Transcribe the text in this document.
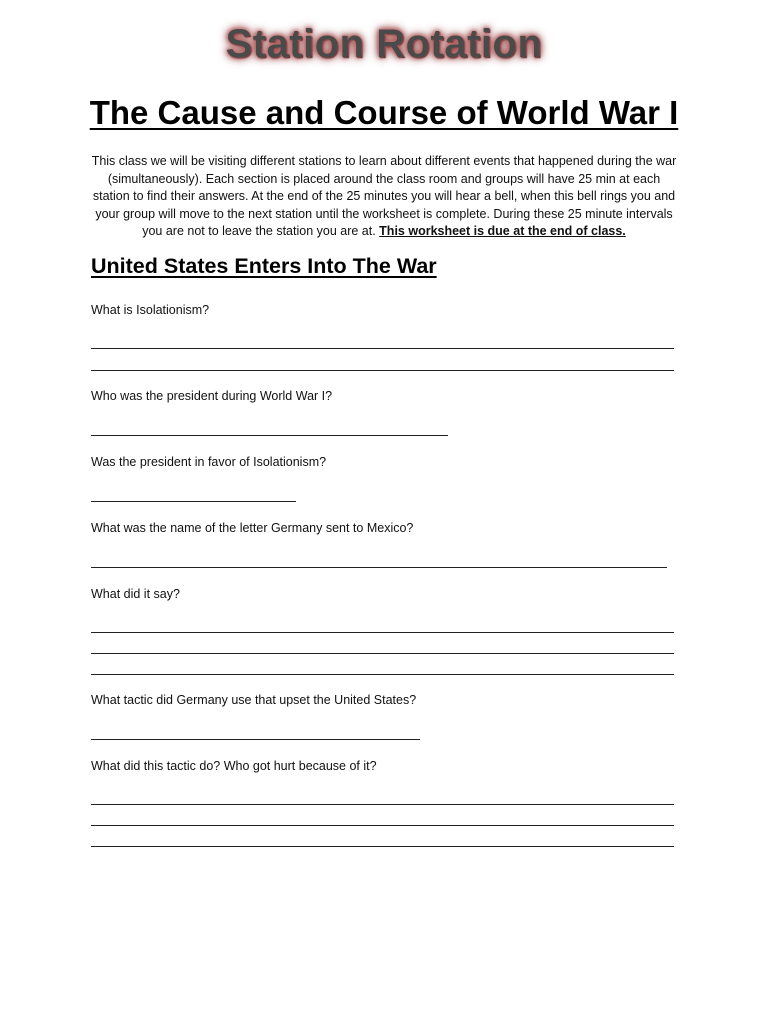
Station Rotation
The Cause and Course of World War I
This class we will be visiting different stations to learn about different events that happened during the war (simultaneously). Each section is placed around the class room and groups will have 25 min at each station to find their answers. At the end of the 25 minutes you will hear a bell, when this bell rings you and your group will move to the next station until the worksheet is complete. During these 25 minute intervals you are not to leave the station you are at. This worksheet is due at the end of class.
United States Enters Into The War
What is Isolationism?
Who was the president during World War I?
Was the president in favor of Isolationism?
What was the name of the letter Germany sent to Mexico?
What did it say?
What tactic did Germany use that upset the United States?
What did this tactic do? Who got hurt because of it?
